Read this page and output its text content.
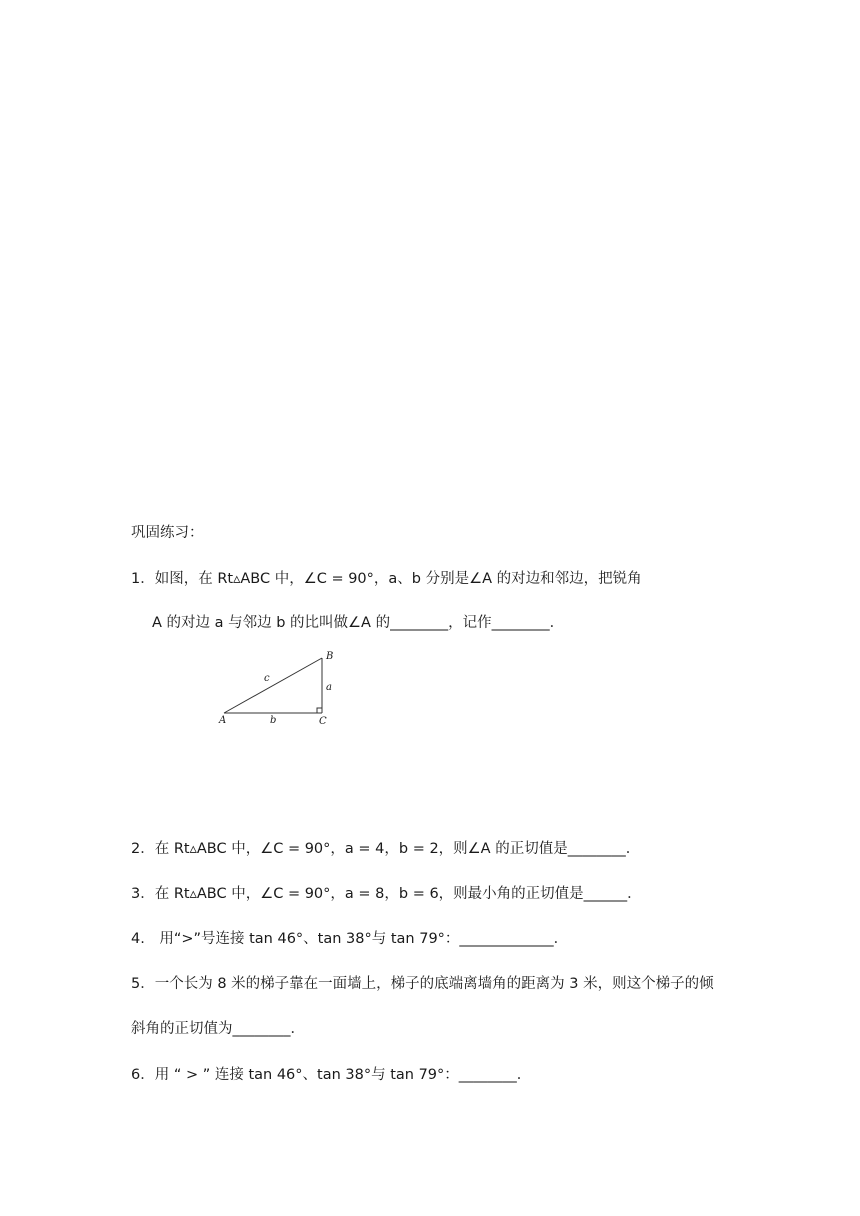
巩固练习：
1．如图，在 Rt▵ABC 中，∠C = 90°，a、b 分别是∠A 的对边和邻边，把锐角
A 的对边 a 与邻边 b 的比叫做∠A 的________，记作________．
A
B
C
a
b
c
2．在 Rt▵ABC 中，∠C = 90°，a = 4，b = 2，则∠A 的正切值是________．
3．在 Rt▵ABC 中，∠C = 90°，a = 8，b = 6，则最小角的正切值是______．
4.　用“>”号连接 tan 46°、tan 38°与 tan 79°：_____________．
5．一个长为 8 米的梯子靠在一面墙上，梯子的底端离墙角的距离为 3 米，则这个梯子的倾
斜角的正切值为________．
6．用 “ > ” 连接 tan 46°、tan 38°与 tan 79°：________．
